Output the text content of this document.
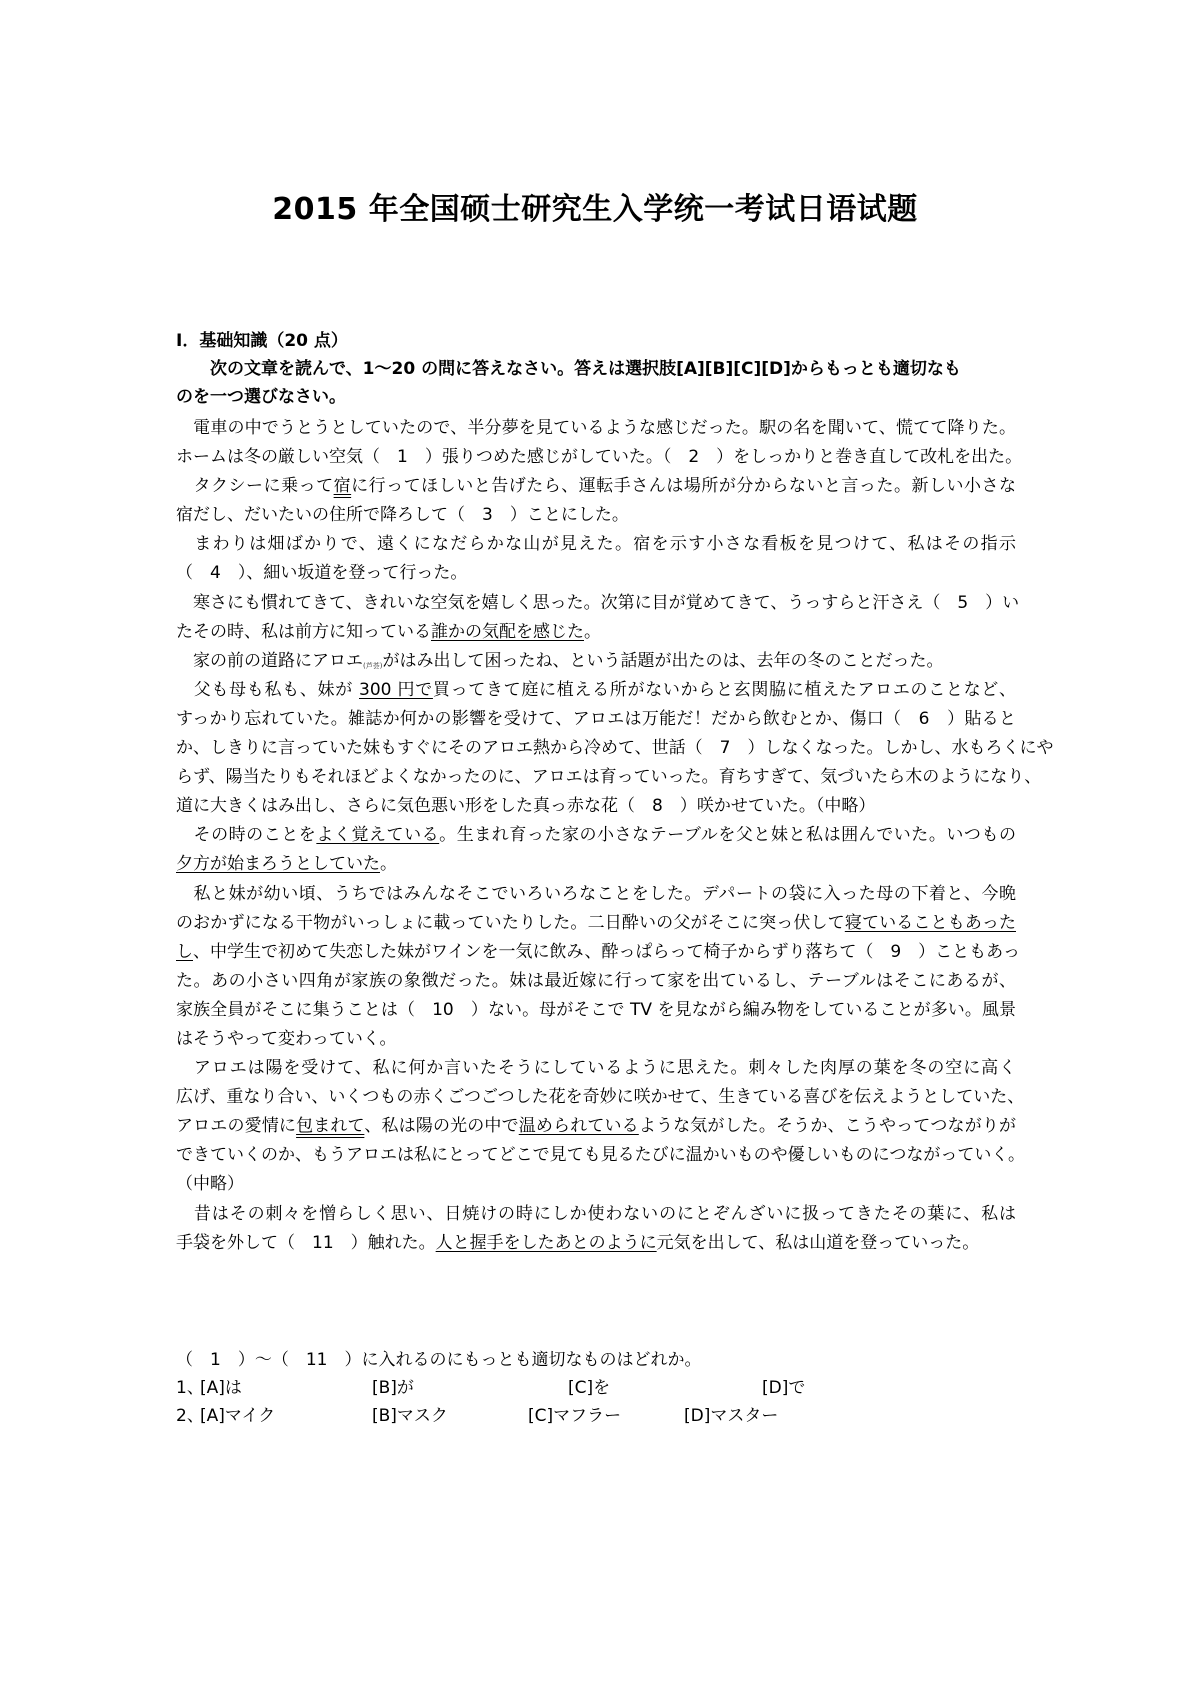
2015 年全国硕士研究生入学统一考试日语试题
Ⅰ．基础知識（20 点）
　　次の文章を読んで、1～20 の問に答えなさい。答えは選択肢[A][B][C][D]からもっとも適切なも
のを一つ選びなさい。
　電車の中でうとうとしていたので、半分夢を見ているような感じだった。駅の名を聞いて、慌てて降りた。
ホームは冬の厳しい空気（　1　）張りつめた感じがしていた。（　2　）をしっかりと巻き直して改札を出た。
　タクシーに乗って宿に行ってほしいと告げたら、運転手さんは場所が分からないと言った。新しい小さな
宿だし、だいたいの住所で降ろして（　3　）ことにした。
　まわりは畑ばかりで、遠くになだらかな山が見えた。宿を示す小さな看板を見つけて、私はその指示
（　4　）、細い坂道を登って行った。
　寒さにも慣れてきて、きれいな空気を嬉しく思った。次第に目が覚めてきて、うっすらと汗さえ（　5　）い
たその時、私は前方に知っている誰かの気配を感じた。
　家の前の道路にアロエ(芦荟)がはみ出して困ったね、という話題が出たのは、去年の冬のことだった。
　父も母も私も、妹が 300 円で買ってきて庭に植える所がないからと玄関脇に植えたアロエのことなど、
すっかり忘れていた。雑誌か何かの影響を受けて、アロエは万能だ！だから飲むとか、傷口（　6　）貼ると
か、しきりに言っていた妹もすぐにそのアロエ熱から冷めて、世話（　7　）しなくなった。しかし、水もろくにや
らず、陽当たりもそれほどよくなかったのに、アロエは育っていった。育ちすぎて、気づいたら木のようになり、
道に大きくはみ出し、さらに気色悪い形をした真っ赤な花（　8　）咲かせていた。（中略）
　その時のことをよく覚えている。生まれ育った家の小さなテーブルを父と妹と私は囲んでいた。いつもの
夕方が始まろうとしていた。
　私と妹が幼い頃、うちではみんなそこでいろいろなことをした。デパートの袋に入った母の下着と、今晩
のおかずになる干物がいっしょに載っていたりした。二日酔いの父がそこに突っ伏して寝ていることもあった
し、中学生で初めて失恋した妹がワインを一気に飲み、酔っぱらって椅子からずり落ちて（　9　）こともあっ
た。あの小さい四角が家族の象徴だった。妹は最近嫁に行って家を出ているし、テーブルはそこにあるが、
家族全員がそこに集うことは（　10　）ない。母がそこで TV を見ながら編み物をしていることが多い。風景
はそうやって変わっていく。
　アロエは陽を受けて、私に何か言いたそうにしているように思えた。刺々した肉厚の葉を冬の空に高く
広げ、重なり合い、いくつもの赤くごつごつした花を奇妙に咲かせて、生きている喜びを伝えようとしていた、
アロエの愛情に包まれて、私は陽の光の中で温められているような気がした。そうか、こうやってつながりが
できていくのか、もうアロエは私にとってどこで見ても見るたびに温かいものや優しいものにつながっていく。
（中略）
　昔はその刺々を憎らしく思い、日焼けの時にしか使わないのにとぞんざいに扱ってきたその葉に、私は
手袋を外して（　11　）触れた。人と握手をしたあとのように元気を出して、私は山道を登っていった。
（　1　）～（　11　）に入れるのにもっとも適切なものはどれか。
1、
[A]は	[B]が	[C]を	[D]で
2、
[A]マイク	[B]マスク	[C]マフラー	[D]マスター
